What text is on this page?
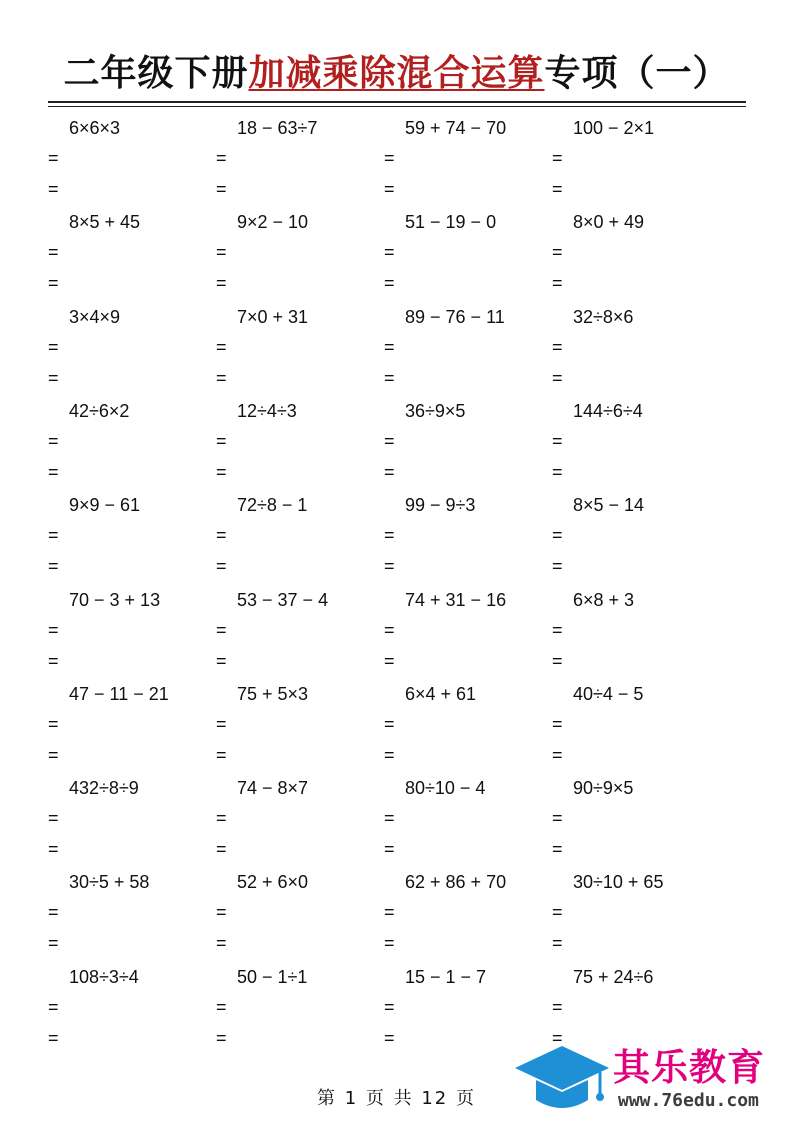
二年级下册加减乘除混合运算专项（一）
6×6×3
=
=
18 − 63÷7
=
=
59 + 74 − 70
=
=
100 − 2×1
=
=
8×5 + 45
=
=
9×2 − 10
=
=
51 − 19 − 0
=
=
8×0 + 49
=
=
3×4×9
=
=
7×0 + 31
=
=
89 − 76 − 11
=
=
32÷8×6
=
=
42÷6×2
=
=
12÷4÷3
=
=
36÷9×5
=
=
144÷6÷4
=
=
9×9 − 61
=
=
72÷8 − 1
=
=
99 − 9÷3
=
=
8×5 − 14
=
=
70 − 3 + 13
=
=
53 − 37 − 4
=
=
74 + 31 − 16
=
=
6×8 + 3
=
=
47 − 11 − 21
=
=
75 + 5×3
=
=
6×4 + 61
=
=
40÷4 − 5
=
=
432÷8÷9
=
=
74 − 8×7
=
=
80÷10 − 4
=
=
90÷9×5
=
=
30÷5 + 58
=
=
52 + 6×0
=
=
62 + 86 + 70
=
=
30÷10 + 65
=
=
108÷3÷4
=
=
50 − 1÷1
=
=
15 − 1 − 7
=
=
75 + 24÷6
=
=
第 1 页 共 12 页
其乐教育
www.76edu.com
